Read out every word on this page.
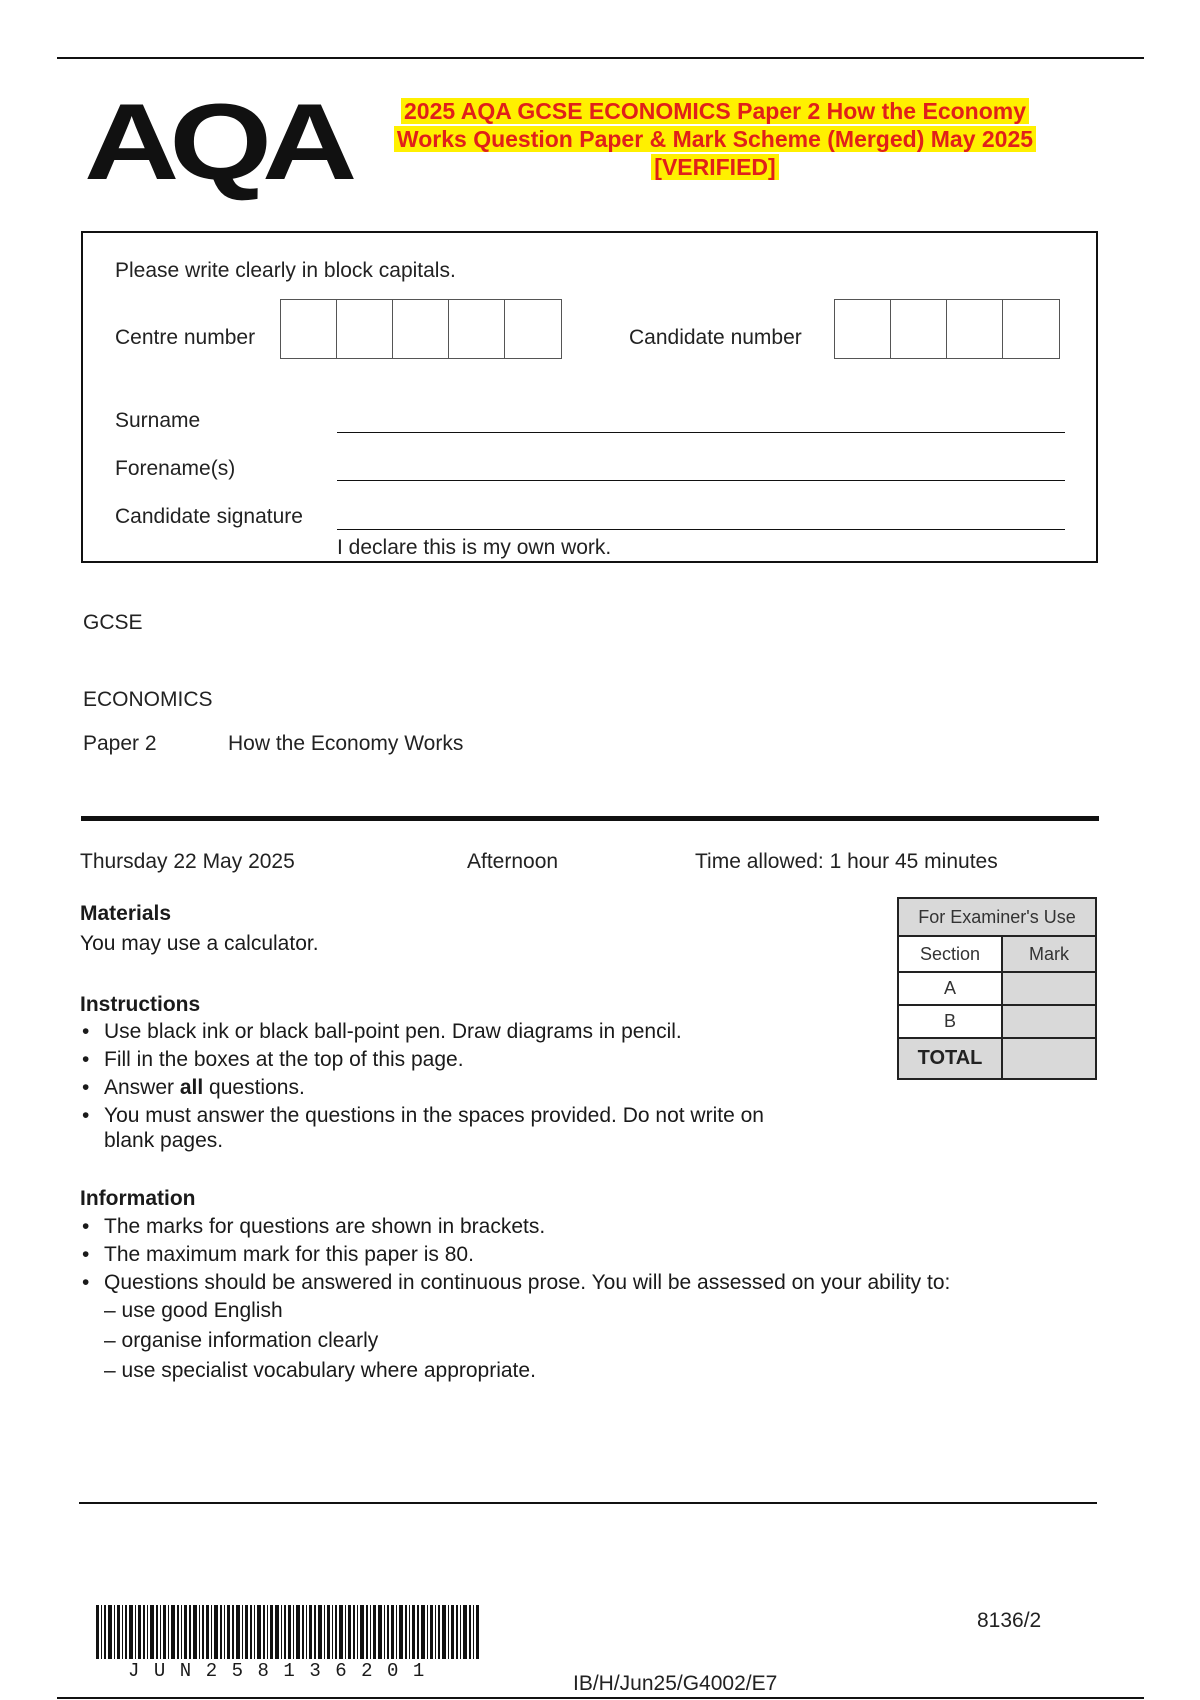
AQA	2025 AQA GCSE ECONOMICS Paper 2 How the Economy
Works Question Paper & Mark Scheme (Merged) May 2025
[VERIFIED]
Please write clearly in block capitals.
Centre number	Candidate number
Surname
Forename(s)
Candidate signature
I declare this is my own work.
GCSE
ECONOMICS
Paper 2	How the Economy Works
Thursday 22 May 2025	Afternoon	Time allowed: 1 hour 45 minutes
Materials
You may use a calculator.
Instructions
• Use black ink or black ball-point pen. Draw diagrams in pencil.
• Fill in the boxes at the top of this page.
• Answer all questions.
• You must answer the questions in the spaces provided. Do not write on
blank pages.
Information
• The marks for questions are shown in brackets.
• The maximum mark for this paper is 80.
• Questions should be answered in continuous prose. You will be assessed on your ability to:
– use good English
– organise information clearly
– use specialist vocabulary where appropriate.
For Examiner's Use	
Section	Mark
A	
B	
TOTAL	
JUN258136201
8136/2
IB/H/Jun25/G4002/E7
